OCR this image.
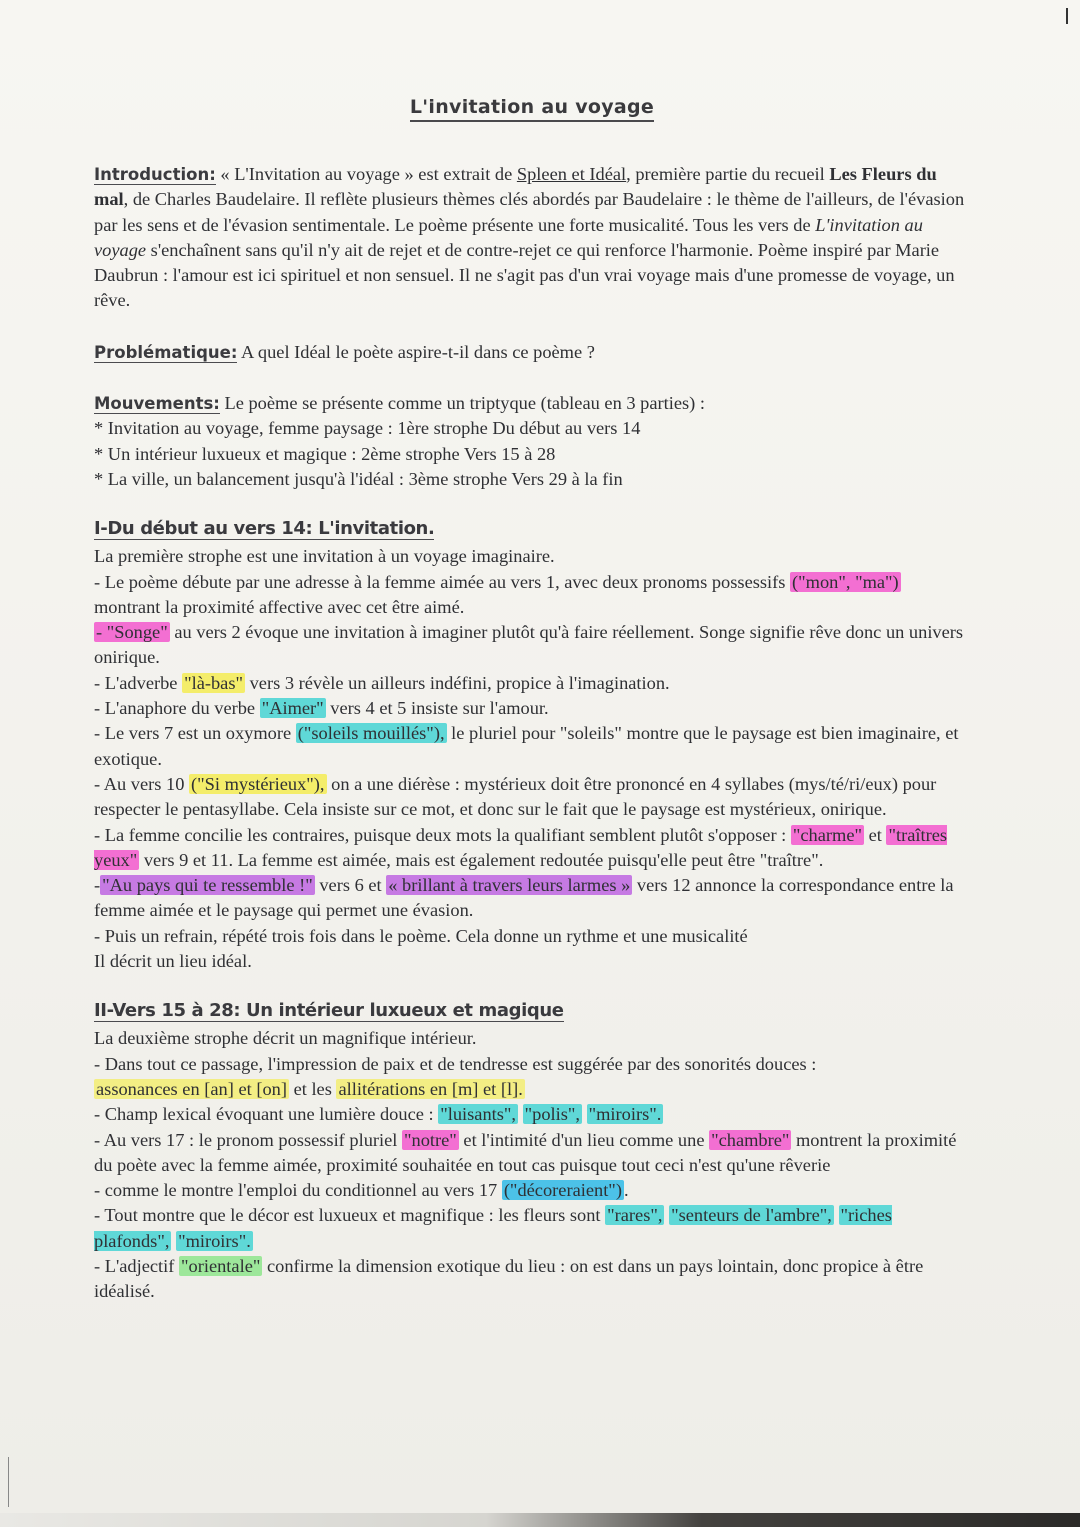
L'invitation au voyage

Introduction: « L'Invitation au voyage » est extrait de Spleen et Idéal, première partie du recueil Les Fleurs du mal, de Charles Baudelaire. Il reflète plusieurs thèmes clés abordés par Baudelaire : le thème de l'ailleurs, de l'évasion par les sens et de l'évasion sentimentale. Le poème présente une forte musicalité. Tous les vers de L'invitation au voyage s'enchaînent sans qu'il n'y ait de rejet et de contre-rejet ce qui renforce l'harmonie. Poème inspiré par Marie Daubrun : l'amour est ici spirituel et non sensuel. Il ne s'agit pas d'un vrai voyage mais d'une promesse de voyage, un rêve.

Problématique: A quel Idéal le poète aspire-t-il dans ce poème ?

Mouvements: Le poème se présente comme un triptyque (tableau en 3 parties) :

* Invitation au voyage, femme paysage : 1ère strophe Du début au vers 14
* Un intérieur luxueux et magique : 2ème strophe Vers 15 à 28
* La ville, un balancement jusqu'à l'idéal : 3ème strophe Vers 29 à la fin
I-Du début au vers 14: L'invitation.

La première strophe est une invitation à un voyage imaginaire.

- Le poème débute par une adresse à la femme aimée au vers 1, avec deux pronoms possessifs ("mon", "ma") montrant la proximité affective avec cet être aimé.

- "Songe" au vers 2 évoque une invitation à imaginer plutôt qu'à faire réellement. Songe signifie rêve donc un univers onirique.

- L'adverbe "là-bas" vers 3 révèle un ailleurs indéfini, propice à l'imagination.

- L'anaphore du verbe "Aimer" vers 4 et 5 insiste sur l'amour.

- Le vers 7 est un oxymore ("soleils mouillés"), le pluriel pour "soleils" montre que le paysage est bien imaginaire, et exotique.

- Au vers 10 ("Si mystérieux"), on a une diérèse : mystérieux doit être prononcé en 4 syllabes (mys/té/ri/eux) pour respecter le pentasyllabe. Cela insiste sur ce mot, et donc sur le fait que le paysage est mystérieux, onirique.

- La femme concilie les contraires, puisque deux mots la qualifiant semblent plutôt s'opposer : "charme" et "traîtres yeux" vers 9 et 11. La femme est aimée, mais est également redoutée puisqu'elle peut être "traître".

- "Au pays qui te ressemble !" vers 6 et « brillant à travers leurs larmes » vers 12 annonce la correspondance entre la femme aimée et le paysage qui permet une évasion.

- Puis un refrain, répété trois fois dans le poème. Cela donne un rythme et une musicalité

Il décrit un lieu idéal.

II-Vers 15 à 28: Un intérieur luxueux et magique

La deuxième strophe décrit un magnifique intérieur.

- Dans tout ce passage, l'impression de paix et de tendresse est suggérée par des sonorités douces :

assonances en [an] et [on] et les allitérations en [m] et [l].

- Champ lexical évoquant une lumière douce : "luisants", "polis", "miroirs".

- Au vers 17 : le pronom possessif pluriel "notre" et l'intimité d'un lieu comme une "chambre" montrent la proximité du poète avec la femme aimée, proximité souhaitée en tout cas puisque tout ceci n'est qu'une rêverie

- comme le montre l'emploi du conditionnel au vers 17 ("décoreraient") .

- Tout montre que le décor est luxueux et magnifique : les fleurs sont "rares", "senteurs de l'ambre", "riches plafonds", "miroirs".

- L'adjectif "orientale" confirme la dimension exotique du lieu : on est dans un pays lointain, donc propice à être idéalisé.
